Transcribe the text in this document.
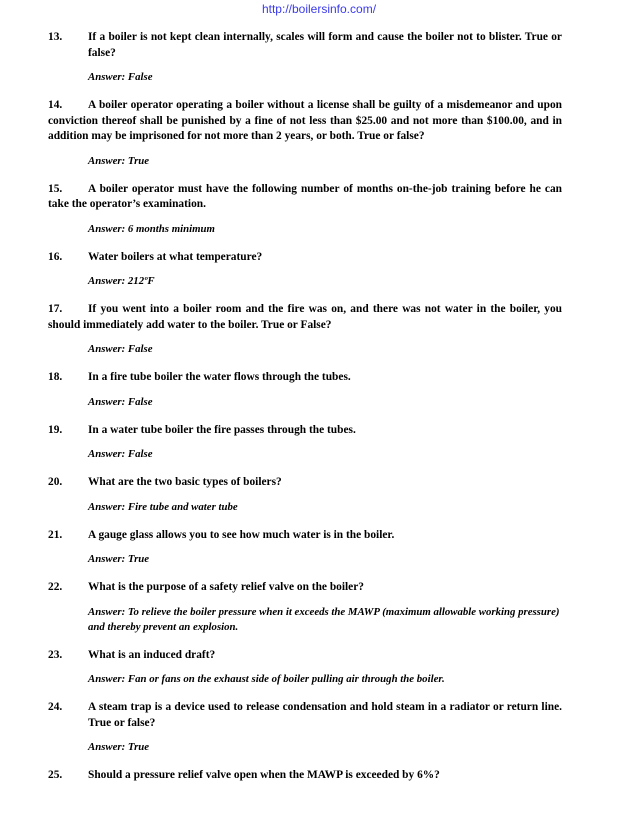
http://boilersinfo.com/
13. If a boiler is not kept clean internally, scales will form and cause the boiler not to blister. True or false?
Answer: False
14. A boiler operator operating a boiler without a license shall be guilty of a misdemeanor and upon conviction thereof shall be punished by a fine of not less than $25.00 and not more than $100.00, and in addition may be imprisoned for not more than 2 years, or both. True or false?
Answer: True
15. A boiler operator must have the following number of months on-the-job training before he can take the operator’s examination.
Answer: 6 months minimum
16. Water boilers at what temperature?
Answer: 212ºF
17. If you went into a boiler room and the fire was on, and there was not water in the boiler, you should immediately add water to the boiler. True or False?
Answer: False
18. In a fire tube boiler the water flows through the tubes.
Answer: False
19. In a water tube boiler the fire passes through the tubes.
Answer: False
20. What are the two basic types of boilers?
Answer: Fire tube and water tube
21. A gauge glass allows you to see how much water is in the boiler.
Answer: True
22. What is the purpose of a safety relief valve on the boiler?
Answer: To relieve the boiler pressure when it exceeds the MAWP (maximum allowable working pressure) and thereby prevent an explosion.
23. What is an induced draft?
Answer: Fan or fans on the exhaust side of boiler pulling air through the boiler.
24. A steam trap is a device used to release condensation and hold steam in a radiator or return line. True or false?
Answer: True
25. Should a pressure relief valve open when the MAWP is exceeded by 6%?
